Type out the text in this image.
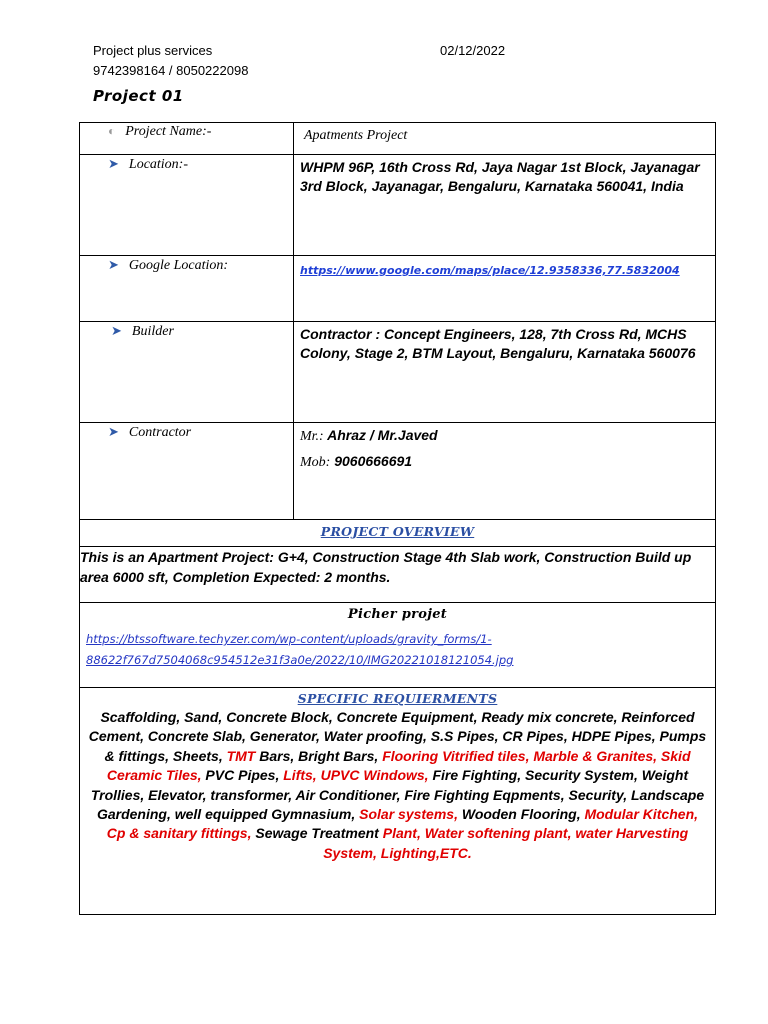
Project plus services
9742398164 / 8050222098
02/12/2022
Project 01
◐ Project Name:-	Apatments Project
➤ Location:-	WHPM 96P, 16th Cross Rd, Jaya Nagar 1st Block, Jayanagar 3rd Block, Jayanagar, Bengaluru, Karnataka 560041, India
➤ Google Location:	https://www.google.com/maps/place/12.9358336,77.5832004
➤ Builder	Contractor : Concept Engineers, 128, 7th Cross Rd, MCHS Colony, Stage 2, BTM Layout, Bengaluru, Karnataka 560076
➤ Contractor	Mr.: Ahraz / Mr.Javed
Mob: 9060666691

PROJECT OVERVIEW	
This is an Apartment Project: G+4, Construction Stage 4th Slab work, Construction Build up area 6000 sft, Completion Expected: 2 months.	

Picher projet
https://btssoftware.techyzer.com/wp-content/uploads/gravity_forms/1-
88622f767d7504068c954512e31f3a0e/2022/10/IMG20221018121054.jpg	

SPECIFIC REQUIERMENTS
Scaffolding, Sand, Concrete Block, Concrete Equipment, Ready mix concrete, Reinforced Cement, Concrete Slab, Generator, Water proofing, S.S Pipes, CR Pipes, HDPE Pipes, Pumps & fittings, Sheets, TMT Bars, Bright Bars, Flooring Vitrified tiles, Marble & Granites, Skid Ceramic Tiles, PVC Pipes, Lifts, UPVC Windows, Fire Fighting, Security System, Weight Trollies, Elevator, transformer, Air Conditioner, Fire Fighting Eqpments, Security, Landscape Gardening, well equipped Gymnasium, Solar systems, Wooden Flooring, Modular Kitchen, Cp & sanitary fittings, Sewage Treatment Plant, Water softening plant, water Harvesting System, Lighting,ETC.	
